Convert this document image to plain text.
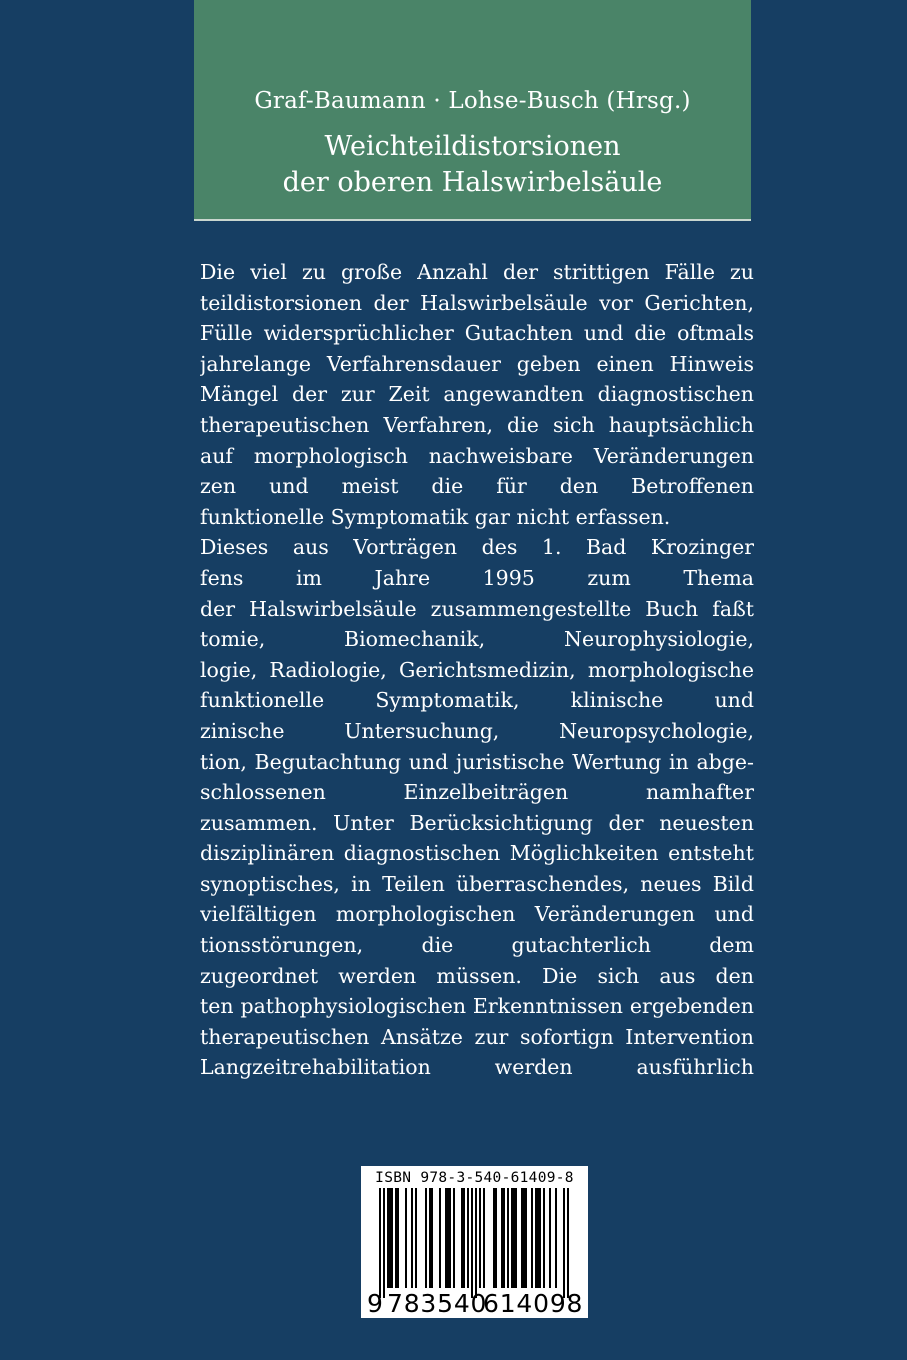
Graf-Baumann · Lohse-Busch (Hrsg.)
Weichteildistorsionen
der oberen Halswirbelsäule
Die viel zu große Anzahl der strittigen Fälle zu
teildistorsionen der Halswirbelsäule vor Gerichten,
Fülle widersprüchlicher Gutachten und die oftmals
jahrelange Verfahrensdauer geben einen Hinweis
Mängel der zur Zeit angewandten diagnostischen
therapeutischen Verfahren, die sich hauptsächlich
auf morphologisch nachweisbare Veränderungen
zen und meist die für den Betroffenen
funktionelle Symptomatik gar nicht erfassen.
Dieses aus Vorträgen des 1. Bad Krozinger
fens im Jahre 1995 zum Thema
der Halswirbelsäule zusammengestellte Buch faßt
tomie, Biomechanik, Neurophysiologie,
logie, Radiologie, Gerichtsmedizin, morphologische
funktionelle Symptomatik, klinische und
zinische Untersuchung, Neuropsychologie,
tion, Begutachtung und juristische Wertung in abge-
schlossenen Einzelbeiträgen namhafter
zusammen. Unter Berücksichtigung der neuesten
disziplinären diagnostischen Möglichkeiten entsteht
synoptisches, in Teilen überraschendes, neues Bild
vielfältigen morphologischen Veränderungen und
tionsstörungen, die gutachterlich dem
zugeordnet werden müssen. Die sich aus den
ten pathophysiologischen Erkenntnissen ergebenden
therapeutischen Ansätze zur sofortign Intervention
Langzeitrehabilitation werden ausführlich
ISBN 978-3-540-61409-8
9 783540
614098
